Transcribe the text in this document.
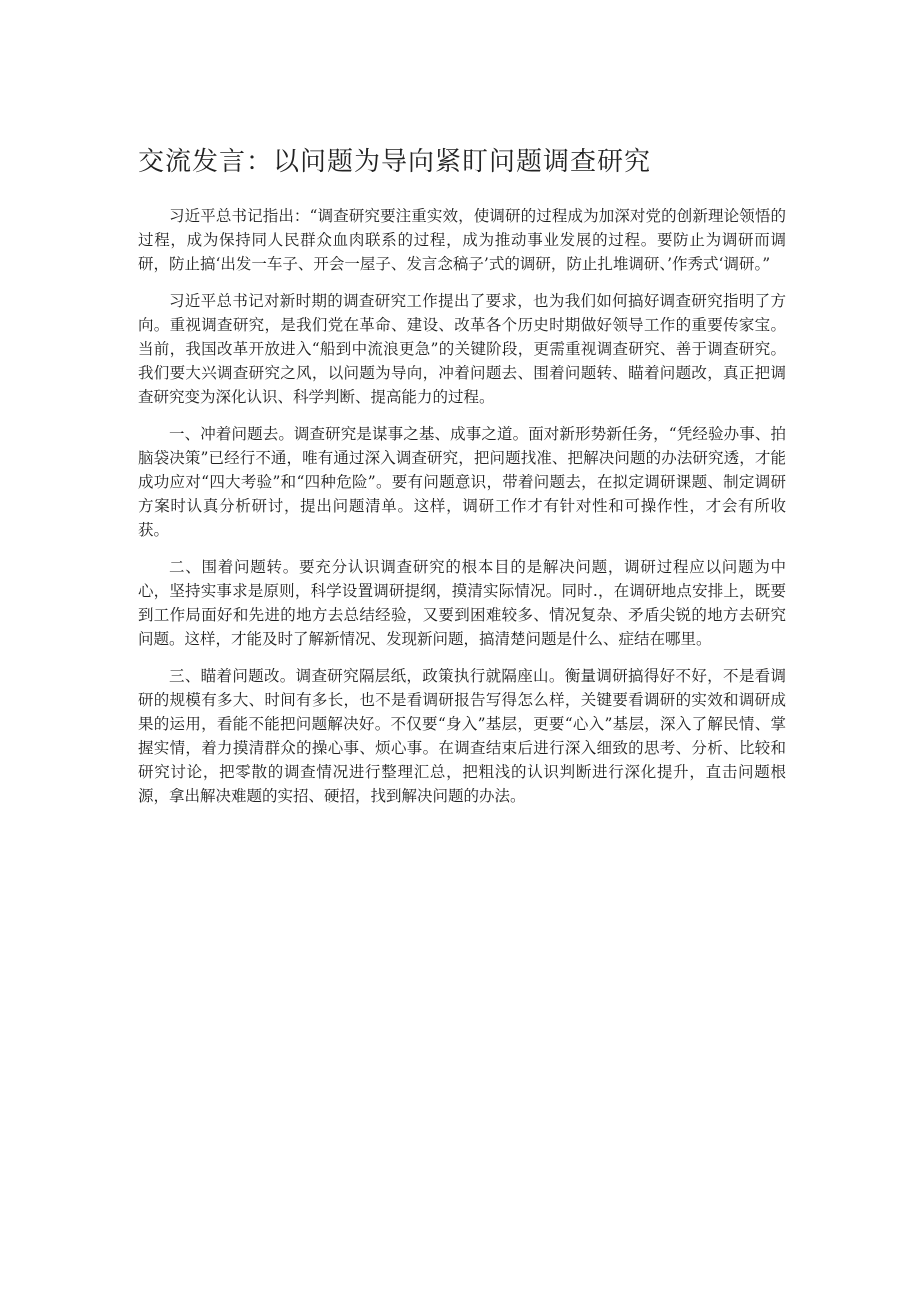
交流发言：以问题为导向紧盯问题调查研究

习近平总书记指出：“调查研究要注重实效，使调研的过程成为加深对党的创新理论领悟的过程，成为保持同人民群众血肉联系的过程，成为推动事业发展的过程。要防止为调研而调研，防止搞‘出发一车子、开会一屋子、发言念稿子’式的调研，防止扎堆调研、’作秀式‘调研。”

习近平总书记对新时期的调查研究工作提出了要求，也为我们如何搞好调查研究指明了方向。重视调查研究，是我们党在革命、建设、改革各个历史时期做好领导工作的重要传家宝。当前，我国改革开放进入“船到中流浪更急”的关键阶段，更需重视调查研究、善于调查研究。我们要大兴调查研究之风，以问题为导向，冲着问题去、围着问题转、瞄着问题改，真正把调查研究变为深化认识、科学判断、提高能力的过程。

一、冲着问题去。调查研究是谋事之基、成事之道。面对新形势新任务，“凭经验办事、拍脑袋决策”已经行不通，唯有通过深入调查研究，把问题找准、把解决问题的办法研究透，才能成功应对“四大考验”和“四种危险”。要有问题意识，带着问题去，在拟定调研课题、制定调研方案时认真分析研讨，提出问题清单。这样，调研工作才有针对性和可操作性，才会有所收获。

二、围着问题转。要充分认识调查研究的根本目的是解决问题，调研过程应以问题为中心，坚持实事求是原则，科学设置调研提纲，摸清实际情况。同时.，在调研地点安排上，既要到工作局面好和先进的地方去总结经验，又要到困难较多、情况复杂、矛盾尖锐的地方去研究问题。这样，才能及时了解新情况、发现新问题，搞清楚问题是什么、症结在哪里。

三、瞄着问题改。调查研究隔层纸，政策执行就隔座山。衡量调研搞得好不好，不是看调研的规模有多大、时间有多长，也不是看调研报告写得怎么样，关键要看调研的实效和调研成果的运用，看能不能把问题解决好。不仅要“身入”基层，更要“心入”基层，深入了解民情、掌握实情，着力摸清群众的操心事、烦心事。在调查结束后进行深入细致的思考、分析、比较和研究讨论，把零散的调查情况进行整理汇总，把粗浅的认识判断进行深化提升，直击问题根源，拿出解决难题的实招、硬招，找到解决问题的办法。
